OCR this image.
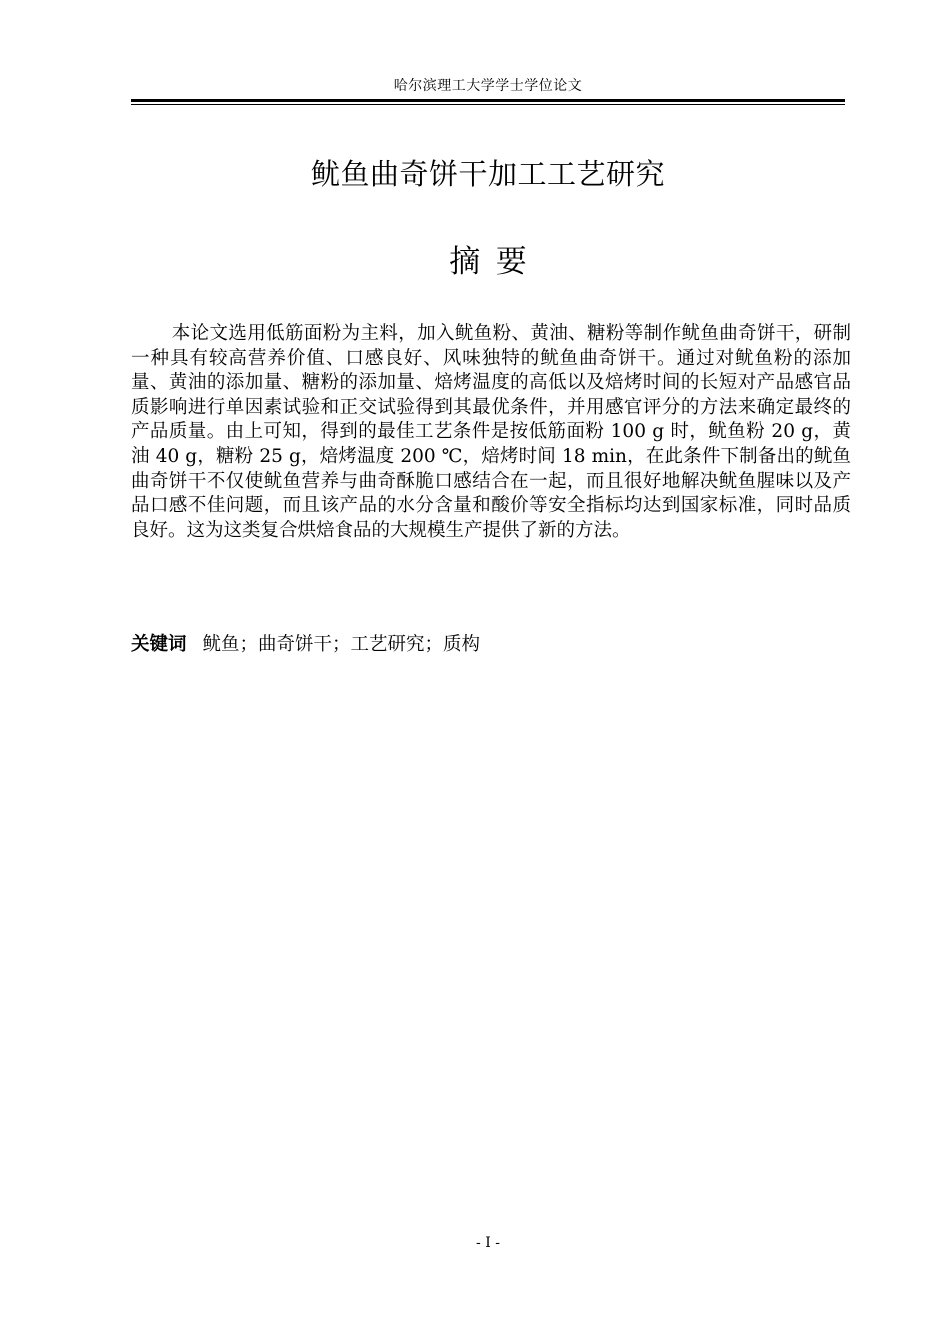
哈尔滨理工大学学士学位论文
鱿鱼曲奇饼干加工工艺研究
摘要

本论文选用低筋面粉为主料，加入鱿鱼粉、黄油、糖粉等制作鱿鱼曲奇饼干，研制一种具有较高营养价值、口感良好、风味独特的鱿鱼曲奇饼干。通过对鱿鱼粉的添加量、黄油的添加量、糖粉的添加量、焙烤温度的高低以及焙烤时间的长短对产品感官品质影响进行单因素试验和正交试验得到其最优条件，并用感官评分的方法来确定最终的产品质量。由上可知，得到的最佳工艺条件是按低筋面粉 100 g 时，鱿鱼粉 20 g，黄油 40 g，糖粉 25 g，焙烤温度 200 ℃，焙烤时间 18 min，在此条件下制备出的鱿鱼曲奇饼干不仅使鱿鱼营养与曲奇酥脆口感结合在一起，而且很好地解决鱿鱼腥味以及产品口感不佳问题，而且该产品的水分含量和酸价等安全指标均达到国家标准，同时品质良好。这为这类复合烘焙食品的大规模生产提供了新的方法。

关键词 鱿鱼；曲奇饼干；工艺研究；质构
- I -
